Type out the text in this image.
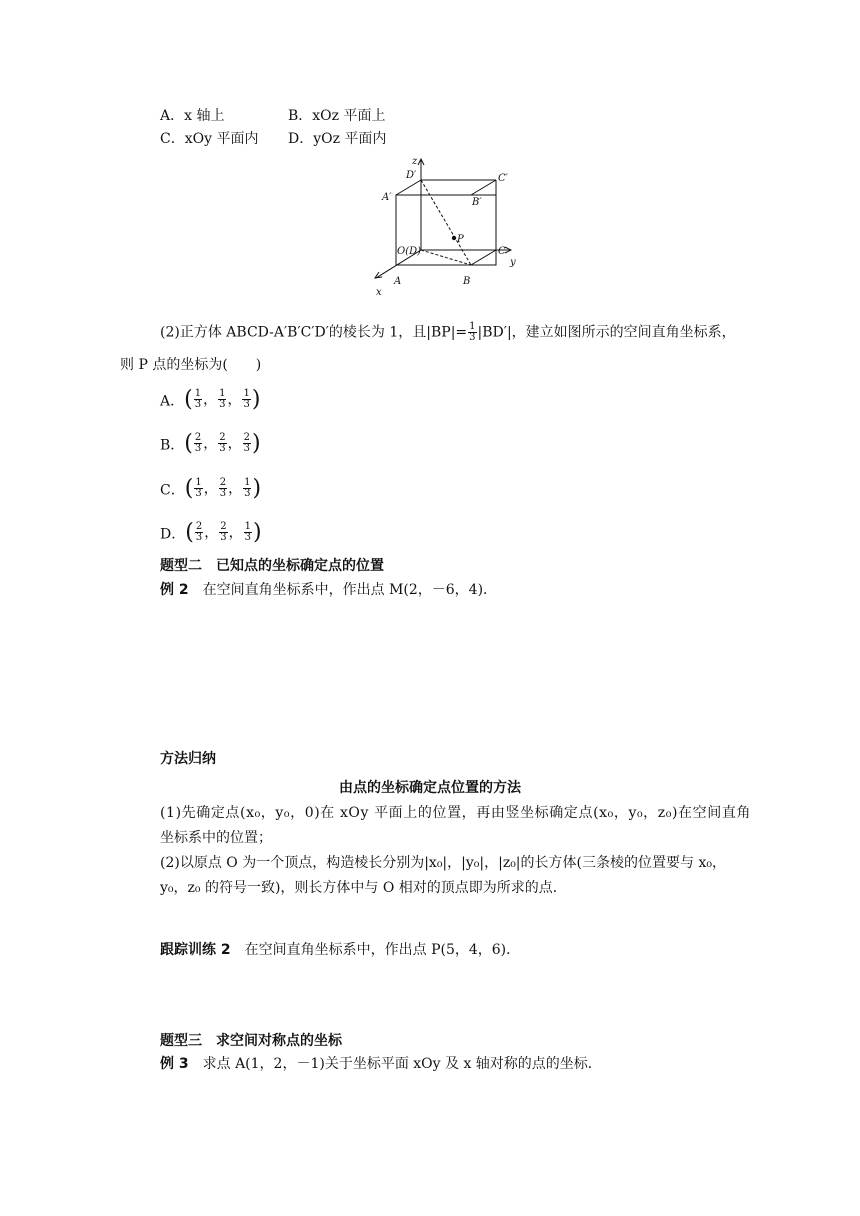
A．x 轴上	B．xOz 平面上
C．xOy 平面内 D．yOz 平面内
z
D′	C′
A′	B′
P
O(D)	C
y
A	B
x
(2)正方体 ABCD-A′B′C′D′的棱长为 1，且$|BP|= \frac{1}{3} |BD'|$，建立如图所示的空间直角坐标系，
则 P 点的坐标为(　　)
A． ( $\frac{1}{3}$ ， $\frac{1}{3}$ ， $\frac{1}{3}$ )
B． ( $\frac{2}{3}$ ， $\frac{2}{3}$ ， $\frac{2}{3}$ )
C． ( $\frac{1}{3}$ ， $\frac{2}{3}$ ， $\frac{1}{3}$ )
D． ( $\frac{2}{3}$ ， $\frac{2}{3}$ ， $\frac{1}{3}$ )
题型二　已知点的坐标确定点的位置
例 2　 在空间直角坐标系中，作出点 M(2，－6，4)．
方法归纳
由点的坐标确定点位置的方法
(1)先确定点(x₀，y₀，0)在 xOy 平面上的位置，再由竖坐标确定点(x₀，y₀，z₀)在空间直角
坐标系中的位置；
(2)以原点 O 为一个顶点，构造棱长分别为|x₀|，|y₀|，|z₀|的长方体(三条棱的位置要与 x₀，
y₀，z₀ 的符号一致)，则长方体中与 O 相对的顶点即为所求的点．
跟踪训练 2　 在空间直角坐标系中，作出点 P(5，4，6)．
题型三　求空间对称点的坐标
例 3　 求点 A(1，2，－1)关于坐标平面 xOy 及 x 轴对称的点的坐标．
